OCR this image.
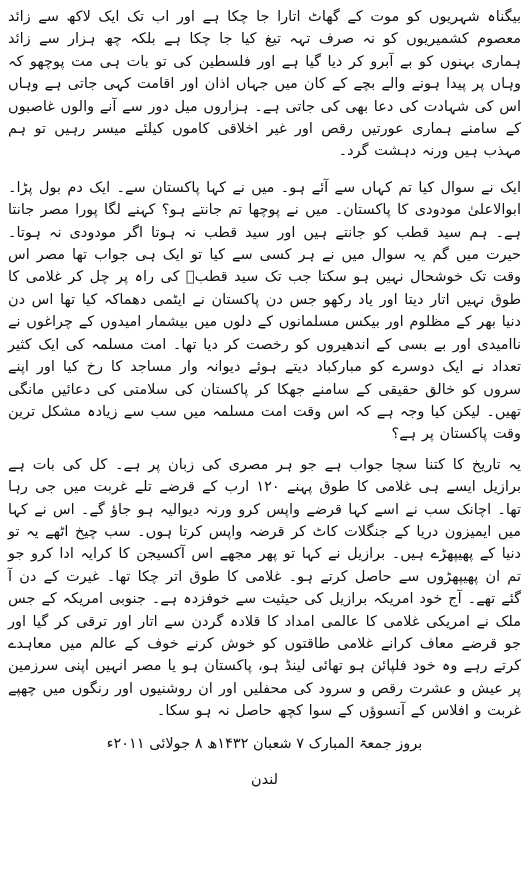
بیگناہ شہریوں کو موت کے گھاٹ اتارا جا چکا ہے اور اب تک ایک لاکھ سے زائد معصوم کشمیریوں کو نہ صرف تہہ تیغ کیا جا چکا ہے بلکہ چھ ہزار سے زائد ہماری بہنوں کو بے آبرو کر دیا گیا ہے اور فلسطین کی تو بات ہی مت پوچھو کہ وہاں پر پیدا ہونے والے بچے کے کان میں جہاں اذان اور اقامت کہی جاتی ہے وہاں اس کی شہادت کی دعا بھی کی جاتی ہے۔ ہزاروں میل دور سے آنے والوں غاصبوں کے سامنے ہماری عورتیں رقص اور غیر اخلاقی کاموں کیلئے میسر رہیں تو ہم مہذب ہیں ورنہ دہشت گرد۔

ایک نے سوال کیا تم کہاں سے آئے ہو۔ میں نے کہا پاکستان سے۔ ایک دم بول پڑا۔ ابوالاعلیٰ مودودی کا پاکستان۔ میں نے پوچھا تم جانتے ہو؟ کہنے لگا پورا مصر جانتا ہے۔ ہم سید قطب کو جانتے ہیں اور سید قطب نہ ہوتا اگر مودودی نہ ہوتا۔ حیرت میں گم یہ سوال میں نے ہر کسی سے کیا تو ایک ہی جواب تھا مصر اس وقت تک خوشحال نہیں ہو سکتا جب تک سید قطبؒ کی راہ پر چل کر غلامی کا طوق نہیں اتار دیتا اور یاد رکھو جس دن پاکستان نے ایٹمی دھماکہ کیا تھا اس دن دنیا بھر کے مظلوم اور بیکس مسلمانوں کے دلوں میں بیشمار امیدوں کے چراغوں نے ناامیدی اور بے بسی کے اندھیروں کو رخصت کر دیا تھا۔ امت مسلمہ کی ایک کثیر تعداد نے ایک دوسرے کو مبارکباد دیتے ہوئے دیوانہ وار مساجد کا رخ کیا اور اپنے سروں کو خالق حقیقی کے سامنے جھکا کر پاکستان کی سلامتی کی دعائیں مانگی تھیں۔ لیکن کیا وجہ ہے کہ اس وقت امت مسلمہ میں سب سے زیادہ مشکل ترین وقت پاکستان پر ہے؟

یہ تاریخ کا کتنا سچا جواب ہے جو ہر مصری کی زبان پر ہے۔ کل کی بات ہے برازیل ایسے ہی غلامی کا طوق پہنے ۱۲۰ ارب کے قرضے تلے غربت میں جی رہا تھا۔ اچانک سب نے اسے کہا قرضے واپس کرو ورنہ دیوالیہ ہو جاؤ گے۔ اس نے کہا میں ایمیزون دریا کے جنگلات کاٹ کر قرضہ واپس کرتا ہوں۔ سب چیخ اٹھے یہ تو دنیا کے پھیپھڑے ہیں۔ برازیل نے کہا تو پھر مجھے اس آکسیجن کا کرایہ ادا کرو جو تم ان پھیپھڑوں سے حاصل کرتے ہو۔ غلامی کا طوق اتر چکا تھا۔ غیرت کے دن آ گئے تھے۔ آج خود امریکہ برازیل کی حیثیت سے خوفزدہ ہے۔ جنوبی امریکہ کے جس ملک نے امریکی غلامی کا عالمی امداد کا قلادہ گردن سے اتار اور ترقی کر گیا اور جو قرضے معاف کرانے غلامی طاقتوں کو خوش کرنے خوف کے عالم میں معاہدے کرتے رہے وہ خود فلپائن ہو تھائی لینڈ ہو، پاکستان ہو یا مصر انہیں اپنی سرزمین پر عیش و عشرت رقص و سرود کی محفلیں اور ان روشنیوں اور رنگوں میں چھپے غربت و افلاس کے آنسوؤں کے سوا کچھ حاصل نہ ہو سکا۔

بروز جمعۃ المبارک ۷ شعبان ۱۴۳۲ھ ۸ جولائی ۲۰۱۱ء
لندن
